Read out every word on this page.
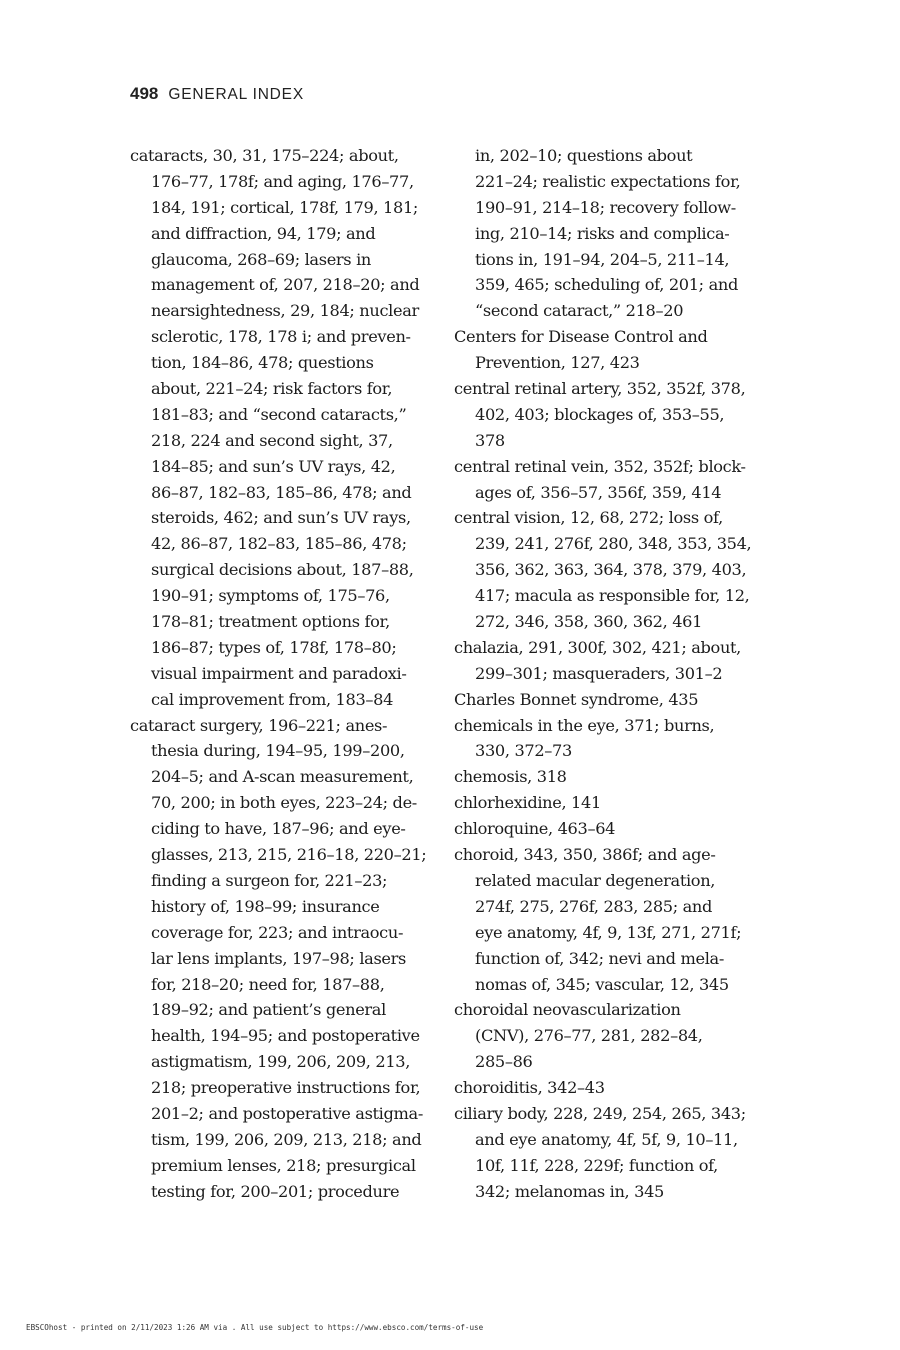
498 GENERAL INDEX
cataracts, 30, 31, 175–224; about,
176–77, 178f; and aging, 176–77,
184, 191; cortical, 178f, 179, 181;
and diffraction, 94, 179; and
glaucoma, 268–69; lasers in
management of, 207, 218–20; and
nearsightedness, 29, 184; nuclear
sclerotic, 178, 178 i; and preven-
tion, 184–86, 478; questions
about, 221–24; risk factors for,
181–83; and “second cataracts,”
218, 224 and second sight, 37,
184–85; and sun’s UV rays, 42,
86–87, 182–83, 185–86, 478; and
steroids, 462; and sun’s UV rays,
42, 86–87, 182–83, 185–86, 478;
surgical decisions about, 187–88,
190–91; symptoms of, 175–76,
178–81; treatment options for,
186–87; types of, 178f, 178–80;
visual impairment and paradoxi-
cal improvement from, 183–84
cataract surgery, 196–221; anes-
thesia during, 194–95, 199–200,
204–5; and A-scan measurement,
70, 200; in both eyes, 223–24; de-
ciding to have, 187–96; and eye-
glasses, 213, 215, 216–18, 220–21;
finding a surgeon for, 221–23;
history of, 198–99; insurance
coverage for, 223; and intraocu-
lar lens implants, 197–98; lasers
for, 218–20; need for, 187–88,
189–92; and patient’s general
health, 194–95; and postoperative
astigmatism, 199, 206, 209, 213,
218; preoperative instructions for,
201–2; and postoperative astigma-
tism, 199, 206, 209, 213, 218; and
premium lenses, 218; presurgical
testing for, 200–201; procedure
in, 202–10; questions about
221–24; realistic expectations for,
190–91, 214–18; recovery follow-
ing, 210–14; risks and complica-
tions in, 191–94, 204–5, 211–14,
359, 465; scheduling of, 201; and
“second cataract,” 218–20
Centers for Disease Control and
Prevention, 127, 423
central retinal artery, 352, 352f, 378,
402, 403; blockages of, 353–55,
378
central retinal vein, 352, 352f; block-
ages of, 356–57, 356f, 359, 414
central vision, 12, 68, 272; loss of,
239, 241, 276f, 280, 348, 353, 354,
356, 362, 363, 364, 378, 379, 403,
417; macula as responsible for, 12,
272, 346, 358, 360, 362, 461
chalazia, 291, 300f, 302, 421; about,
299–301; masqueraders, 301–2
Charles Bonnet syndrome, 435
chemicals in the eye, 371; burns,
330, 372–73
chemosis, 318
chlorhexidine, 141
chloroquine, 463–64
choroid, 343, 350, 386f; and age-
related macular degeneration,
274f, 275, 276f, 283, 285; and
eye anatomy, 4f, 9, 13f, 271, 271f;
function of, 342; nevi and mela-
nomas of, 345; vascular, 12, 345
choroidal neovascularization
(CNV), 276–77, 281, 282–84,
285–86
choroiditis, 342–43
ciliary body, 228, 249, 254, 265, 343;
and eye anatomy, 4f, 5f, 9, 10–11,
10f, 11f, 228, 229f; function of,
342; melanomas in, 345
EBSCOhost - printed on 2/11/2023 1:26 AM via . All use subject to https://www.ebsco.com/terms-of-use
